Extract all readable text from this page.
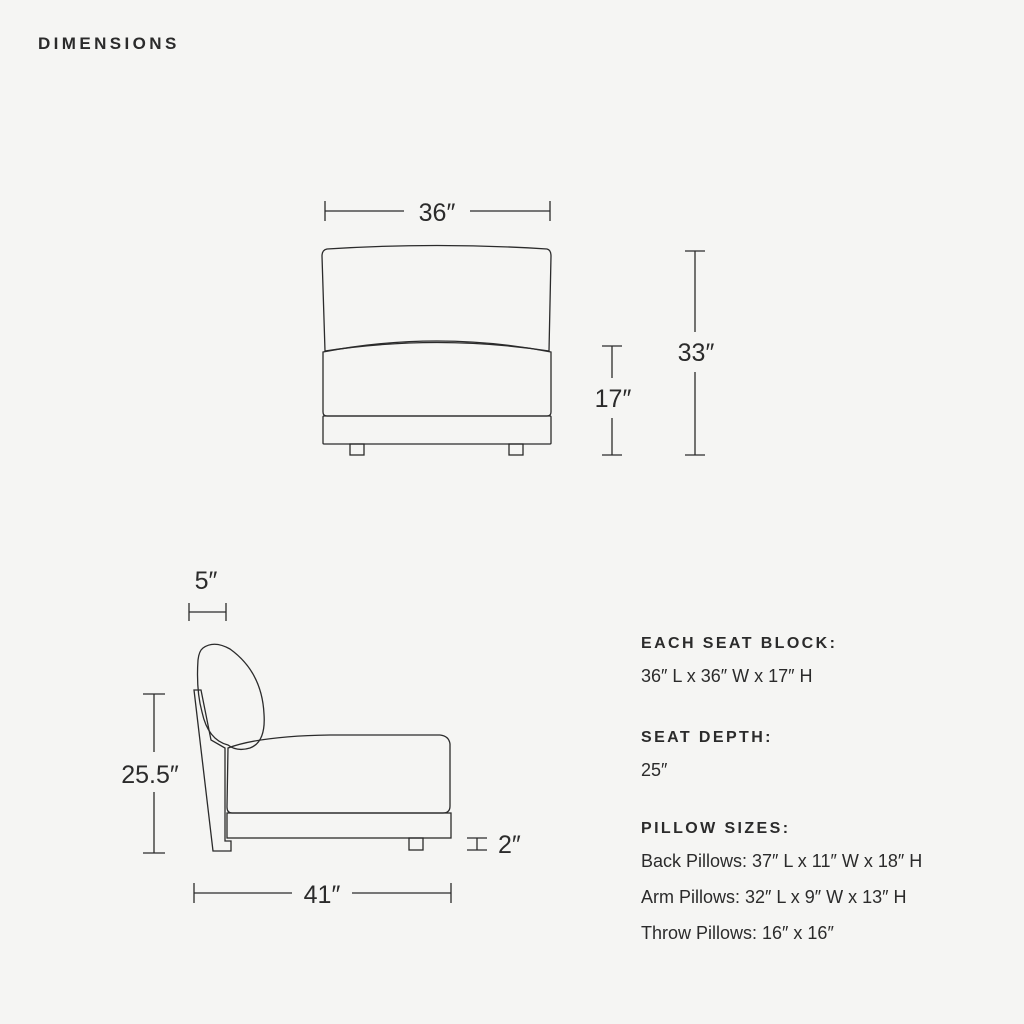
DIMENSIONS
36″
17″
33″
5″
25.5″
2″
41″

EACH SEAT BLOCK:

36″ L x 36″ W x 17″ H

SEAT DEPTH:

25″

PILLOW SIZES:

Back Pillows: 37″ L x 11″ W x 18″ H

Arm Pillows: 32″ L x 9″ W x 13″ H

Throw Pillows: 16″ x 16″
